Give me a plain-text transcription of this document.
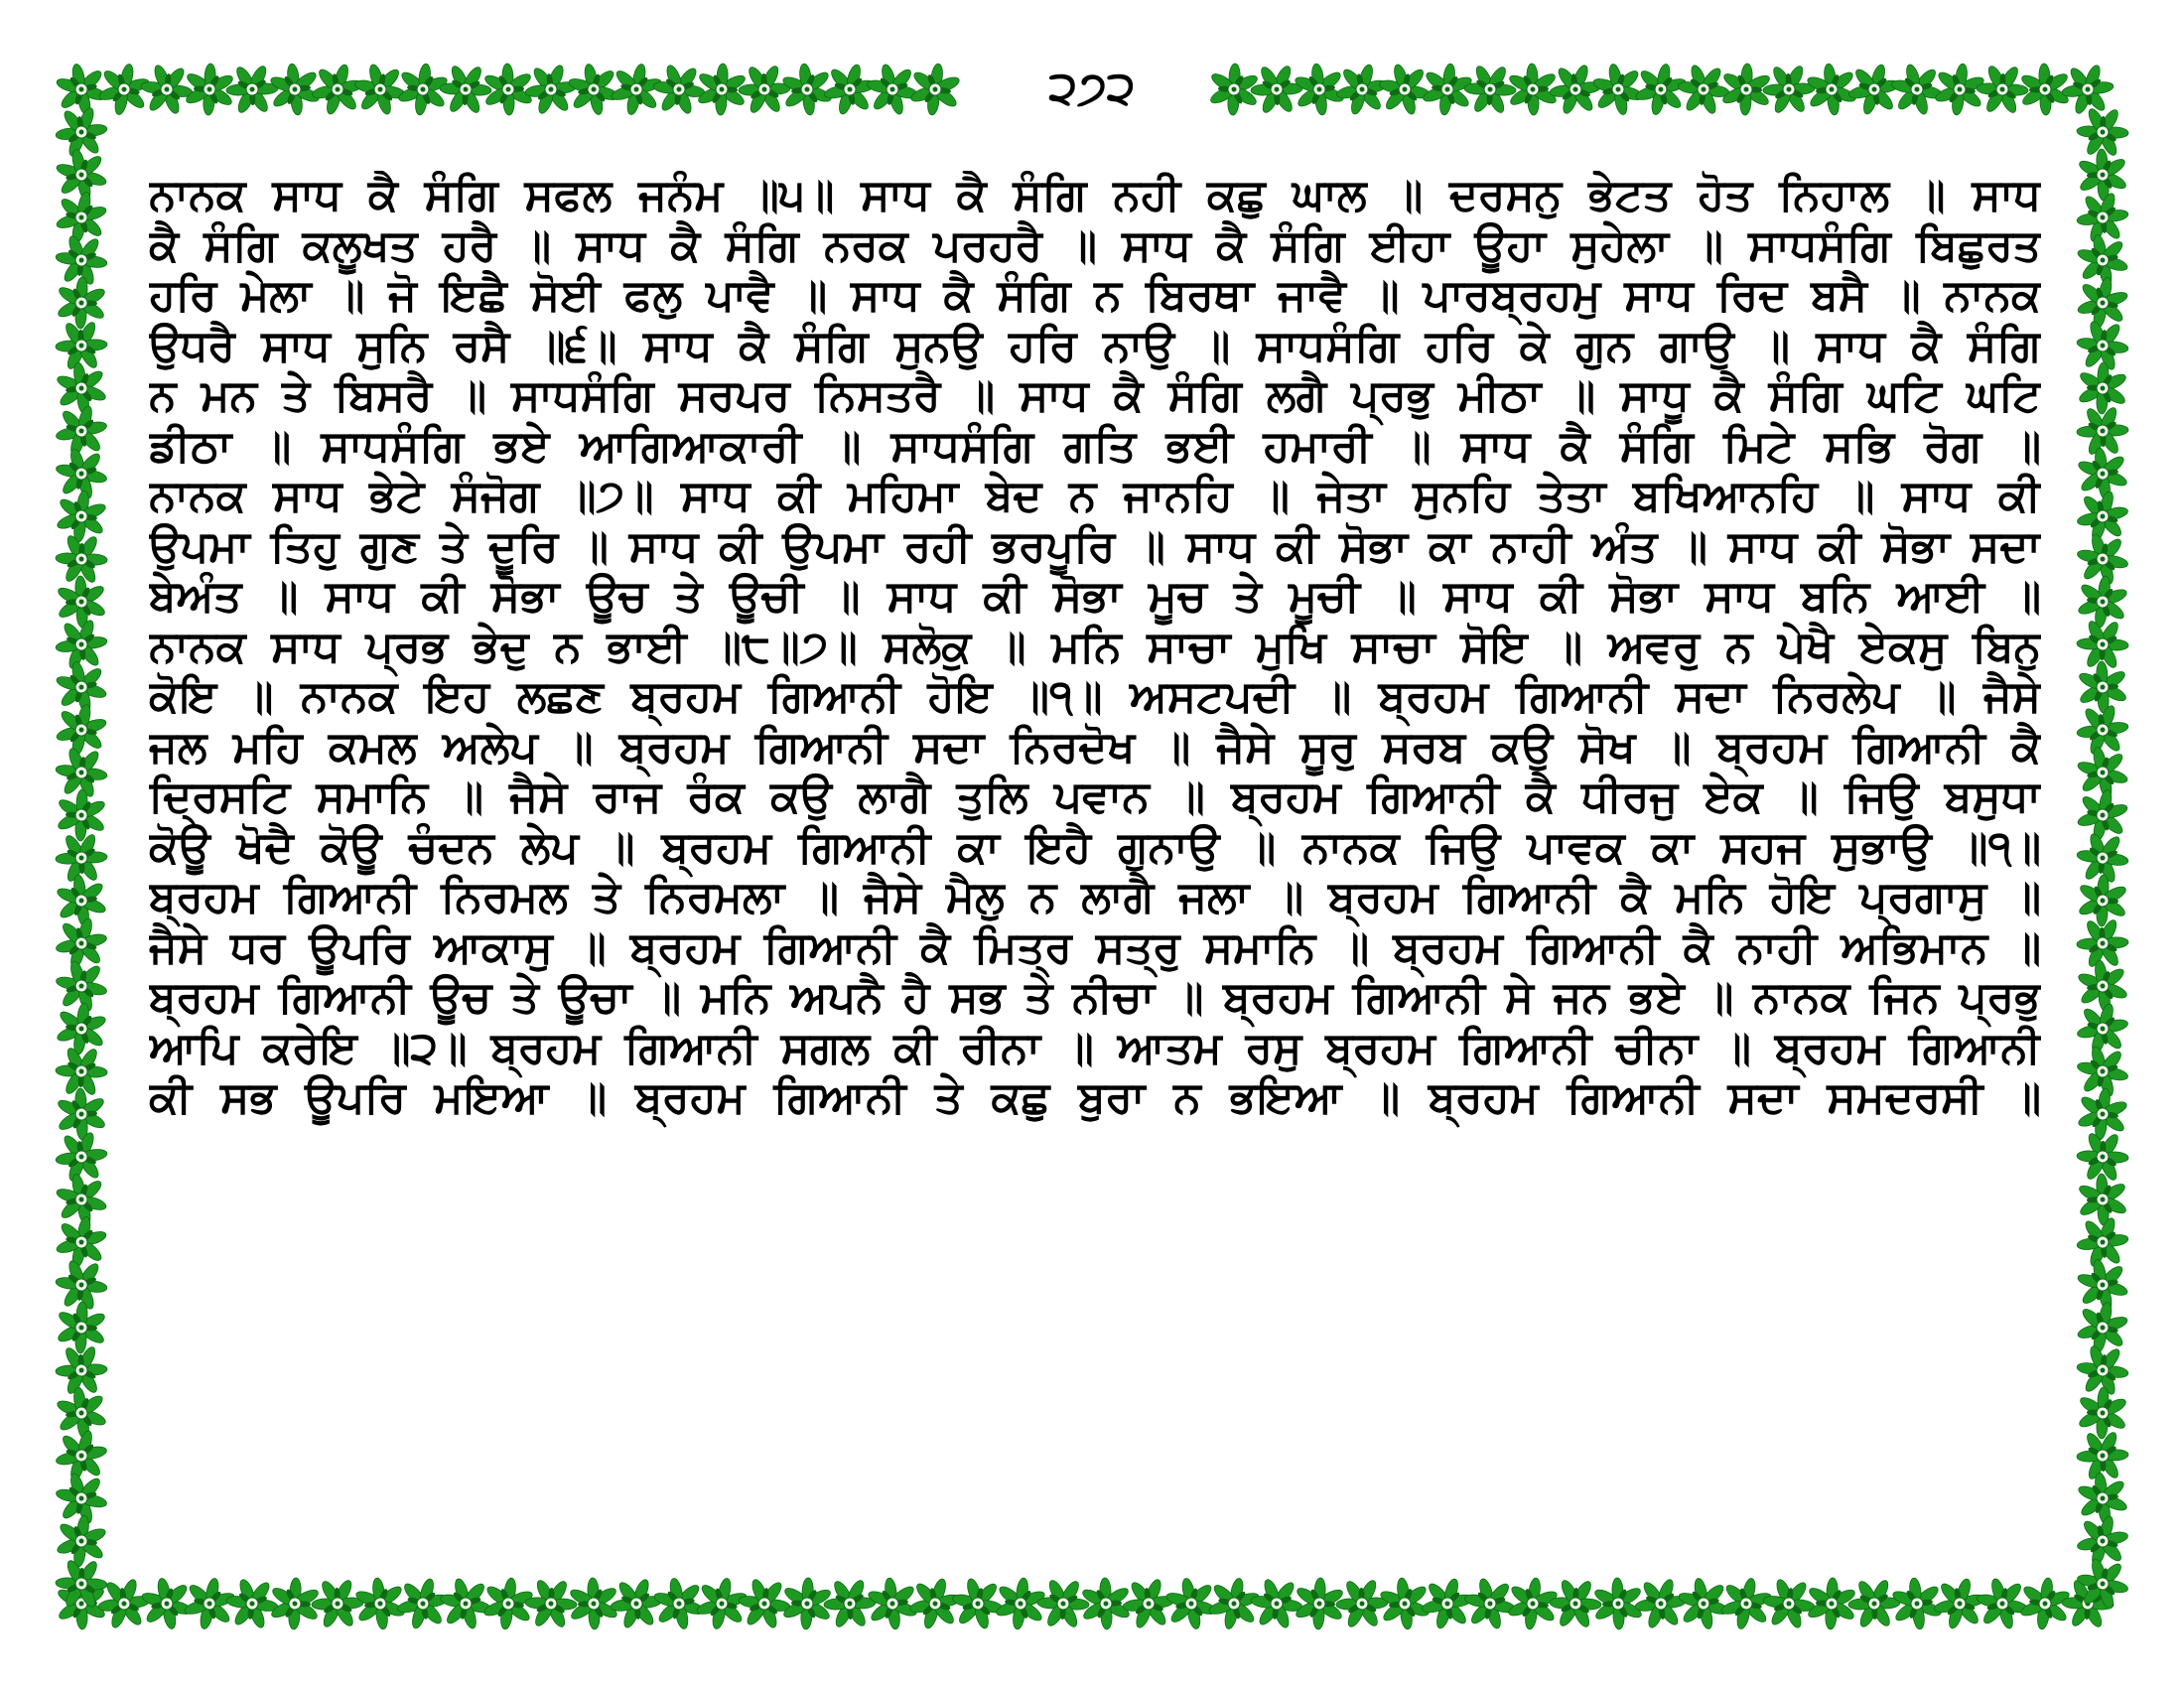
੨੭੨
ਨਾਨਕ ਸਾਧ ਕੈ ਸੰਗਿ ਸਫਲ ਜਨੰਮ ॥੫॥ ਸਾਧ ਕੈ ਸੰਗਿ ਨਹੀ ਕਛੁ ਘਾਲ ॥ ਦਰਸਨੁ ਭੇਟਤ ਹੋਤ ਨਿਹਾਲ ॥ ਸਾਧ
ਕੈ ਸੰਗਿ ਕਲੂਖਤ ਹਰੈ ॥ ਸਾਧ ਕੈ ਸੰਗਿ ਨਰਕ ਪਰਹਰੈ ॥ ਸਾਧ ਕੈ ਸੰਗਿ ਈਹਾ ਊਹਾ ਸੁਹੇਲਾ ॥ ਸਾਧਸੰਗਿ ਬਿਛੁਰਤ
ਹਰਿ ਮੇਲਾ ॥ ਜੋ ਇਛੈ ਸੋਈ ਫਲੁ ਪਾਵੈ ॥ ਸਾਧ ਕੈ ਸੰਗਿ ਨ ਬਿਰਥਾ ਜਾਵੈ ॥ ਪਾਰਬ੍ਰਹਮੁ ਸਾਧ ਰਿਦ ਬਸੈ ॥ ਨਾਨਕ
ਉਧਰੈ ਸਾਧ ਸੁਨਿ ਰਸੈ ॥੬॥ ਸਾਧ ਕੈ ਸੰਗਿ ਸੁਨਉ ਹਰਿ ਨਾਉ ॥ ਸਾਧਸੰਗਿ ਹਰਿ ਕੇ ਗੁਨ ਗਾਉ ॥ ਸਾਧ ਕੈ ਸੰਗਿ
ਨ ਮਨ ਤੇ ਬਿਸਰੈ ॥ ਸਾਧਸੰਗਿ ਸਰਪਰ ਨਿਸਤਰੈ ॥ ਸਾਧ ਕੈ ਸੰਗਿ ਲਗੈ ਪ੍ਰਭੁ ਮੀਠਾ ॥ ਸਾਧੂ ਕੈ ਸੰਗਿ ਘਟਿ ਘਟਿ
ਡੀਠਾ ॥ ਸਾਧਸੰਗਿ ਭਏ ਆਗਿਆਕਾਰੀ ॥ ਸਾਧਸੰਗਿ ਗਤਿ ਭਈ ਹਮਾਰੀ ॥ ਸਾਧ ਕੈ ਸੰਗਿ ਮਿਟੇ ਸਭਿ ਰੋਗ ॥
ਨਾਨਕ ਸਾਧ ਭੇਟੇ ਸੰਜੋਗ ॥੭॥ ਸਾਧ ਕੀ ਮਹਿਮਾ ਬੇਦ ਨ ਜਾਨਹਿ ॥ ਜੇਤਾ ਸੁਨਹਿ ਤੇਤਾ ਬਖਿਆਨਹਿ ॥ ਸਾਧ ਕੀ
ਉਪਮਾ ਤਿਹੁ ਗੁਣ ਤੇ ਦੂਰਿ ॥ ਸਾਧ ਕੀ ਉਪਮਾ ਰਹੀ ਭਰਪੂਰਿ ॥ ਸਾਧ ਕੀ ਸੋਭਾ ਕਾ ਨਾਹੀ ਅੰਤ ॥ ਸਾਧ ਕੀ ਸੋਭਾ ਸਦਾ
ਬੇਅੰਤ ॥ ਸਾਧ ਕੀ ਸੋਭਾ ਊਚ ਤੇ ਊਚੀ ॥ ਸਾਧ ਕੀ ਸੋਭਾ ਮੂਚ ਤੇ ਮੂਚੀ ॥ ਸਾਧ ਕੀ ਸੋਭਾ ਸਾਧ ਬਨਿ ਆਈ ॥
ਨਾਨਕ ਸਾਧ ਪ੍ਰਭ ਭੇਦੁ ਨ ਭਾਈ ॥੮॥੭॥ ਸਲੋਕੁ ॥ ਮਨਿ ਸਾਚਾ ਮੁਖਿ ਸਾਚਾ ਸੋਇ ॥ ਅਵਰੁ ਨ ਪੇਖੈ ਏਕਸੁ ਬਿਨੁ
ਕੋਇ ॥ ਨਾਨਕ ਇਹ ਲਛਣ ਬ੍ਰਹਮ ਗਿਆਨੀ ਹੋਇ ॥੧॥ ਅਸਟਪਦੀ ॥ ਬ੍ਰਹਮ ਗਿਆਨੀ ਸਦਾ ਨਿਰਲੇਪ ॥ ਜੈਸੇ
ਜਲ ਮਹਿ ਕਮਲ ਅਲੇਪ ॥ ਬ੍ਰਹਮ ਗਿਆਨੀ ਸਦਾ ਨਿਰਦੋਖ ॥ ਜੈਸੇ ਸੂਰੁ ਸਰਬ ਕਉ ਸੋਖ ॥ ਬ੍ਰਹਮ ਗਿਆਨੀ ਕੈ
ਦ੍ਰਿਸਟਿ ਸਮਾਨਿ ॥ ਜੈਸੇ ਰਾਜ ਰੰਕ ਕਉ ਲਾਗੈ ਤੁਲਿ ਪਵਾਨ ॥ ਬ੍ਰਹਮ ਗਿਆਨੀ ਕੈ ਧੀਰਜੁ ਏਕ ॥ ਜਿਉ ਬਸੁਧਾ
ਕੋਊ ਖੋਦੈ ਕੋਊ ਚੰਦਨ ਲੇਪ ॥ ਬ੍ਰਹਮ ਗਿਆਨੀ ਕਾ ਇਹੈ ਗੁਨਾਉ ॥ ਨਾਨਕ ਜਿਉ ਪਾਵਕ ਕਾ ਸਹਜ ਸੁਭਾਉ ॥੧॥
ਬ੍ਰਹਮ ਗਿਆਨੀ ਨਿਰਮਲ ਤੇ ਨਿਰਮਲਾ ॥ ਜੈਸੇ ਮੈਲੁ ਨ ਲਾਗੈ ਜਲਾ ॥ ਬ੍ਰਹਮ ਗਿਆਨੀ ਕੈ ਮਨਿ ਹੋਇ ਪ੍ਰਗਾਸੁ ॥
ਜੈਸੇ ਧਰ ਊਪਰਿ ਆਕਾਸੁ ॥ ਬ੍ਰਹਮ ਗਿਆਨੀ ਕੈ ਮਿਤ੍ਰ ਸਤ੍ਰੁ ਸਮਾਨਿ ॥ ਬ੍ਰਹਮ ਗਿਆਨੀ ਕੈ ਨਾਹੀ ਅਭਿਮਾਨ ॥
ਬ੍ਰਹਮ ਗਿਆਨੀ ਊਚ ਤੇ ਊਚਾ ॥ ਮਨਿ ਅਪਨੈ ਹੈ ਸਭ ਤੇ ਨੀਚਾ ॥ ਬ੍ਰਹਮ ਗਿਆਨੀ ਸੇ ਜਨ ਭਏ ॥ ਨਾਨਕ ਜਿਨ ਪ੍ਰਭੁ
ਆਪਿ ਕਰੇਇ ॥੨॥ ਬ੍ਰਹਮ ਗਿਆਨੀ ਸਗਲ ਕੀ ਰੀਨਾ ॥ ਆਤਮ ਰਸੁ ਬ੍ਰਹਮ ਗਿਆਨੀ ਚੀਨਾ ॥ ਬ੍ਰਹਮ ਗਿਆਨੀ
ਕੀ ਸਭ ਊਪਰਿ ਮਇਆ ॥ ਬ੍ਰਹਮ ਗਿਆਨੀ ਤੇ ਕਛੁ ਬੁਰਾ ਨ ਭਇਆ ॥ ਬ੍ਰਹਮ ਗਿਆਨੀ ਸਦਾ ਸਮਦਰਸੀ ॥
